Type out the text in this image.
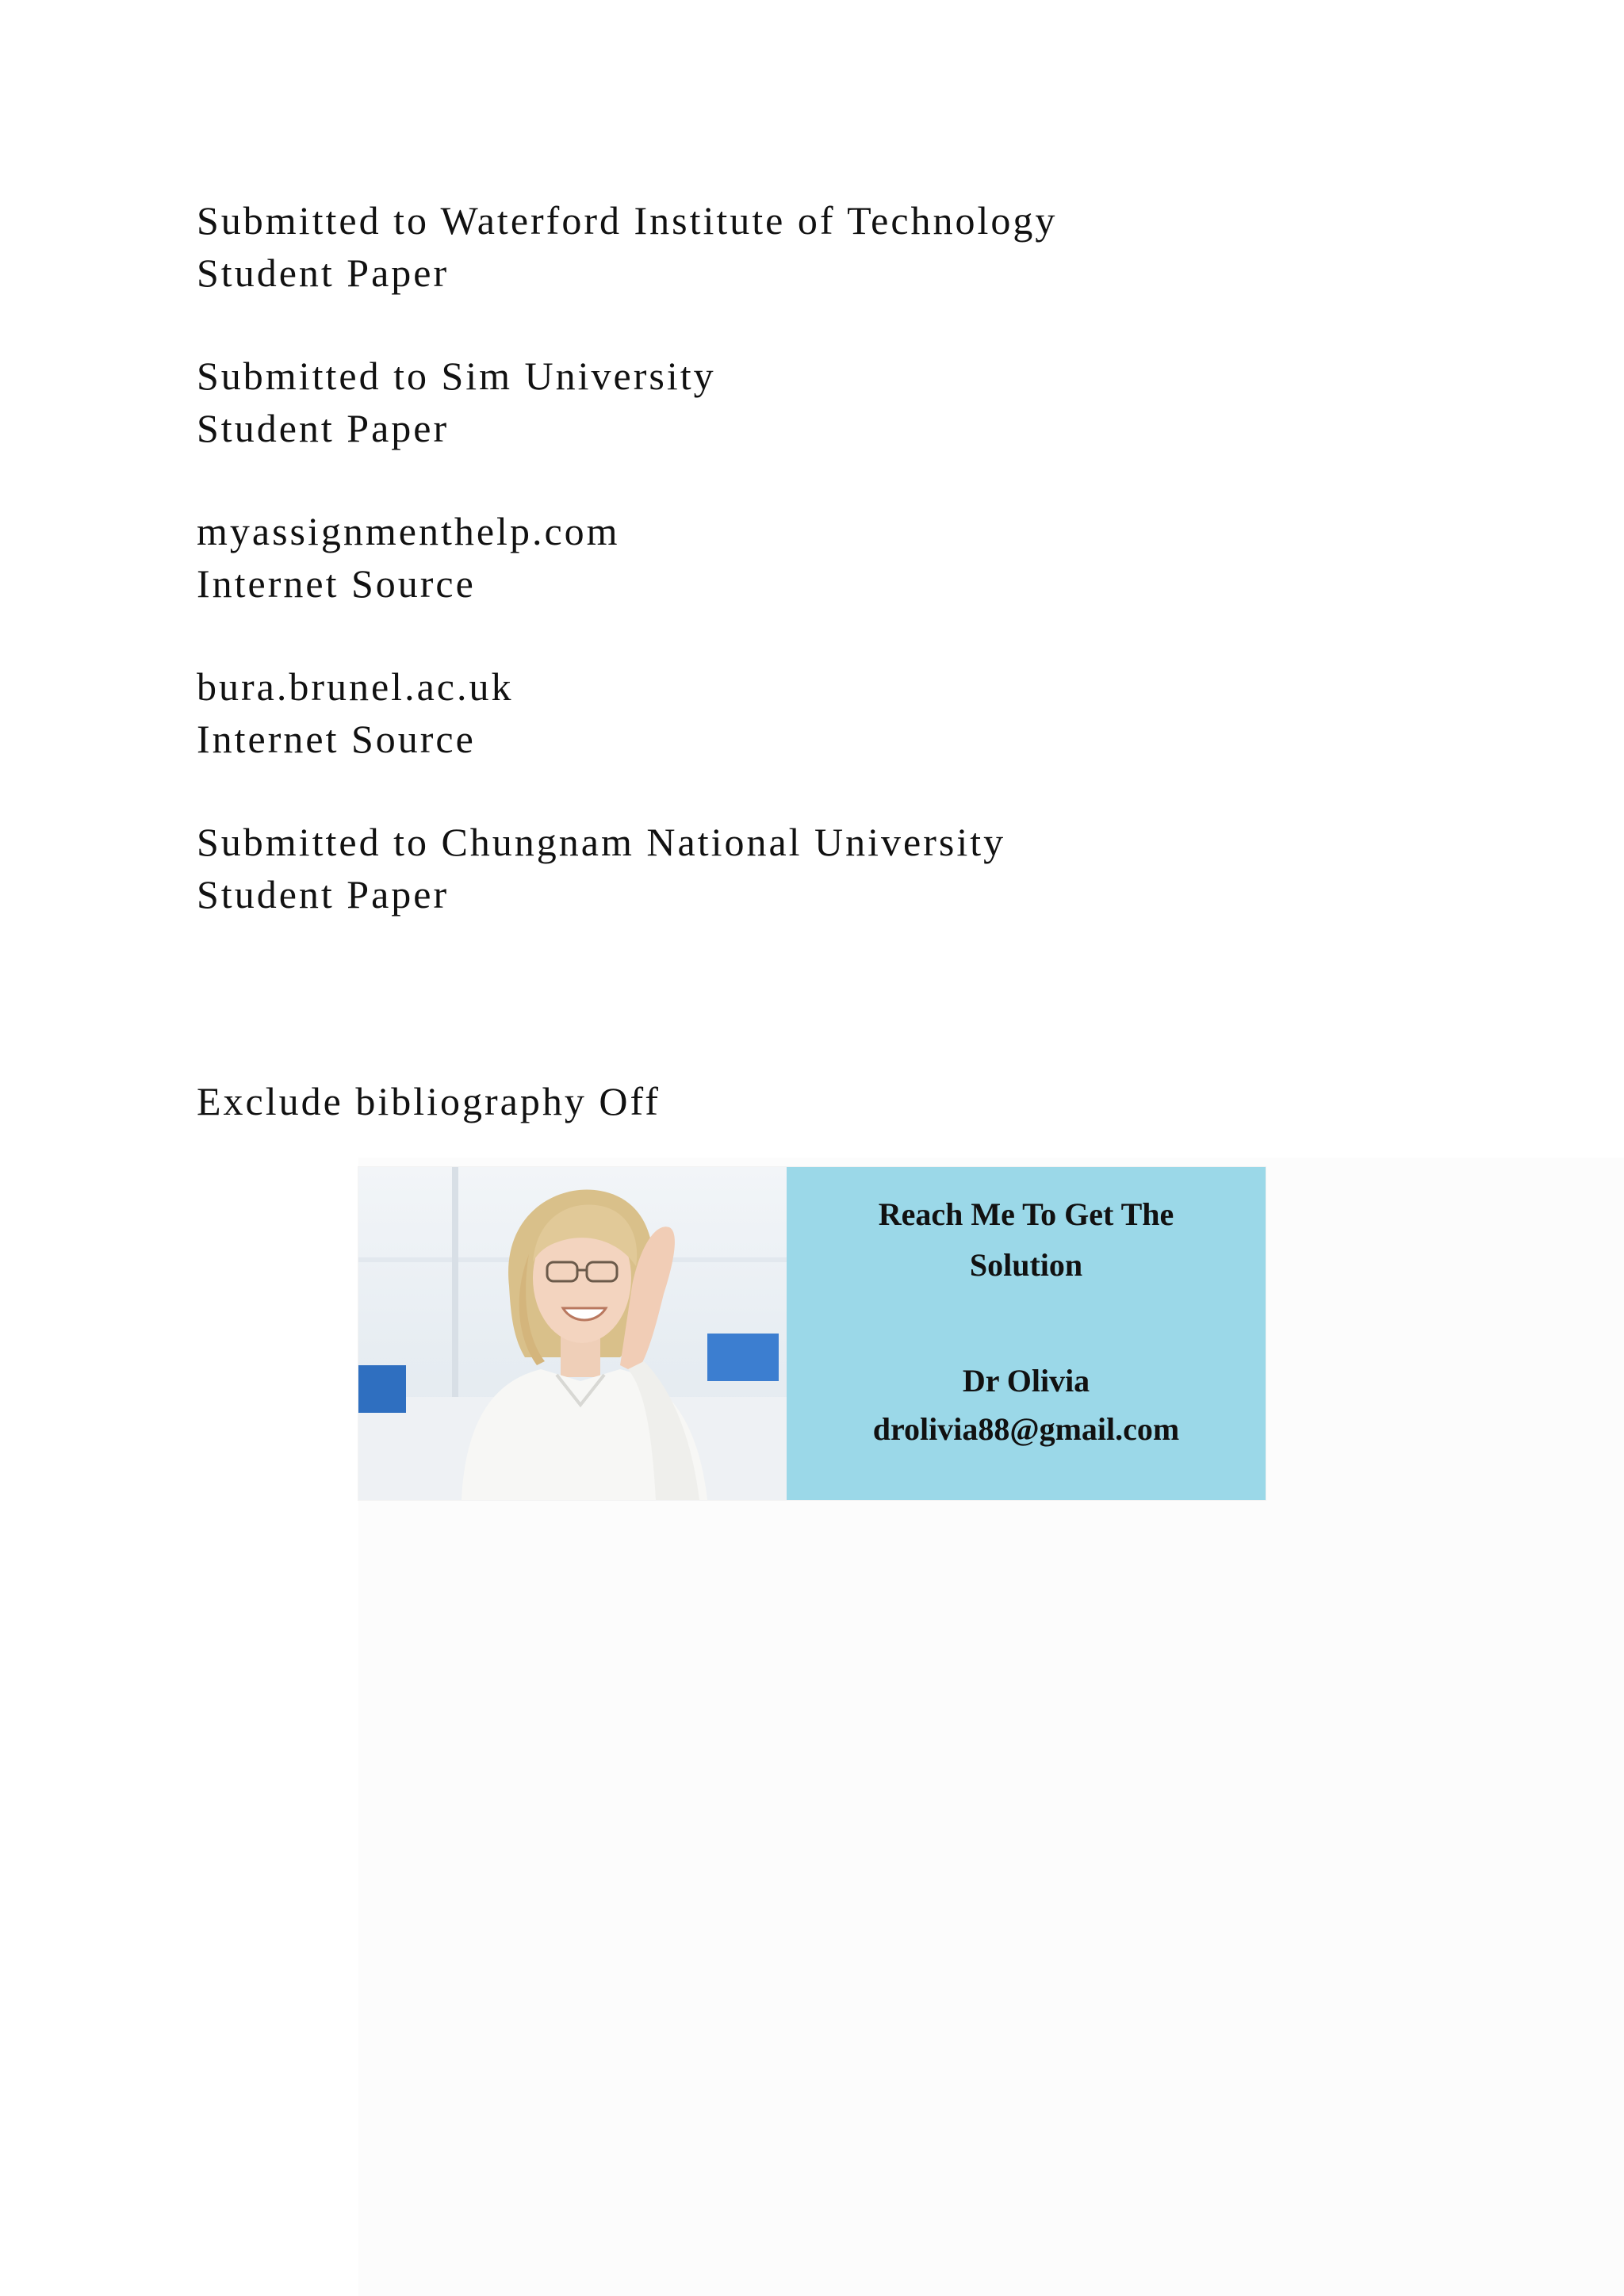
Submitted to Waterford Institute of Technology
Student Paper
Submitted to Sim University
Student Paper
myassignmenthelp.com
Internet Source
bura.brunel.ac.uk
Internet Source
Submitted to Chungnam National University
Student Paper
Exclude bibliography Off
Reach Me To Get The
Solution
Dr Olivia
drolivia88@gmail.com
